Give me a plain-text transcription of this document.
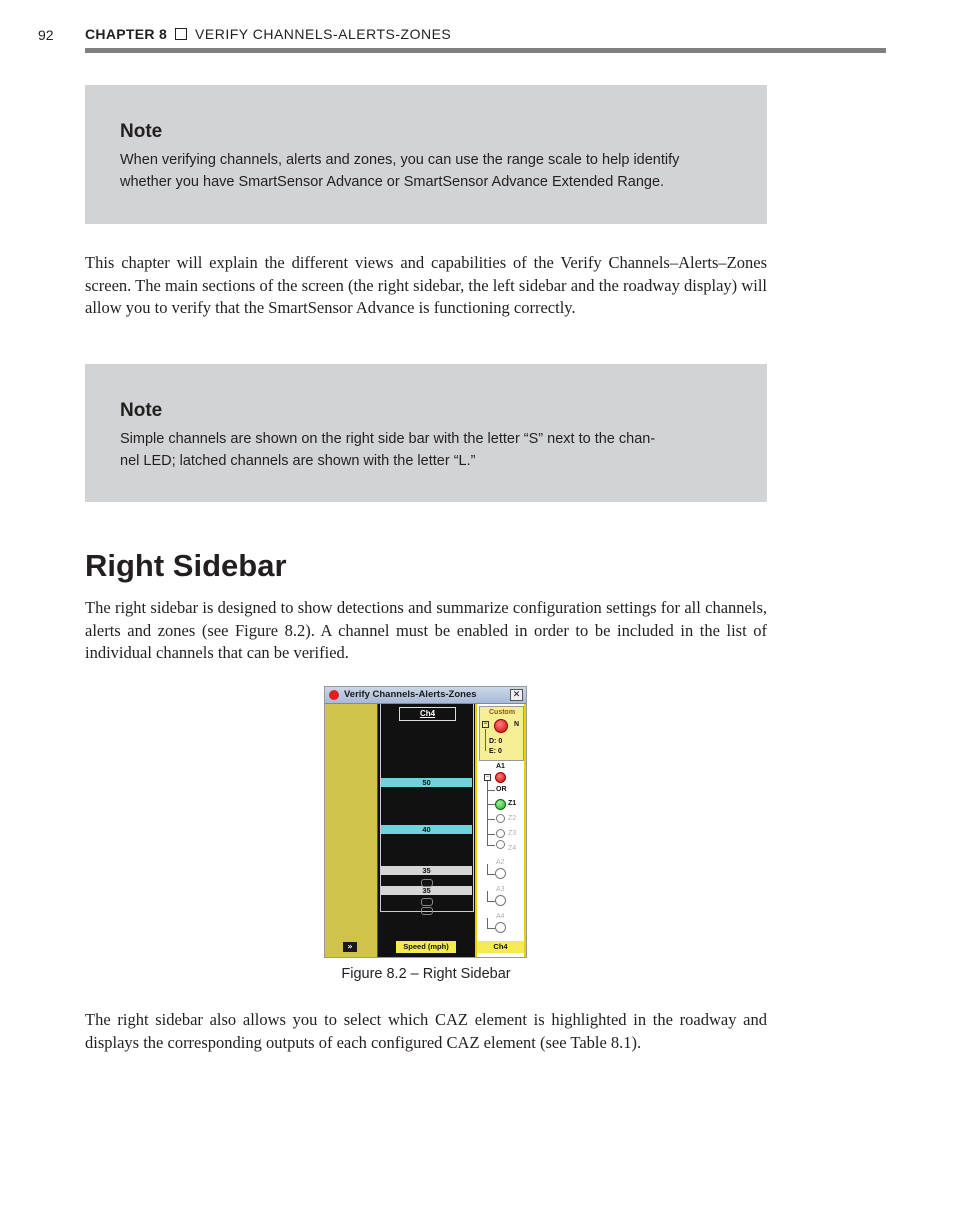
92 CHAPTER 8 VERIFY CHANNELS-ALERTS-ZONES
Note

When verifying channels, alerts and zones, you can use the range scale to help identify
whether you have SmartSensor Advance or SmartSensor Advance Extended Range.

This chapter will explain the different views and capabilities of the Verify Channels–Alerts–Zones screen. The main sections of the screen (the right sidebar, the left sidebar and the roadway display) will allow you to verify that the SmartSensor Advance is functioning correctly.

Note

Simple channels are shown on the right side bar with the letter “S” next to the chan-
nel LED; latched channels are shown with the letter “L.”

Right Sidebar

The right sidebar is designed to show detections and summarize configuration settings for all channels, alerts and zones (see Figure 8.2). A channel must be enabled in order to be included in the list of individual channels that can be verified.

Verify Channels-Alerts-Zones	✕
»
Ch4
50
40
35
35
Speed (mph)
Custom
−	N
D: 0
E: 0
A1
−
OR
Z1
Z2
Z3
Z4
A2
A3
A4
Ch4
Figure 8.2 – Right Sidebar

The right sidebar also allows you to select which CAZ element is highlighted in the roadway and displays the corresponding outputs of each configured CAZ element (see Table 8.1).
